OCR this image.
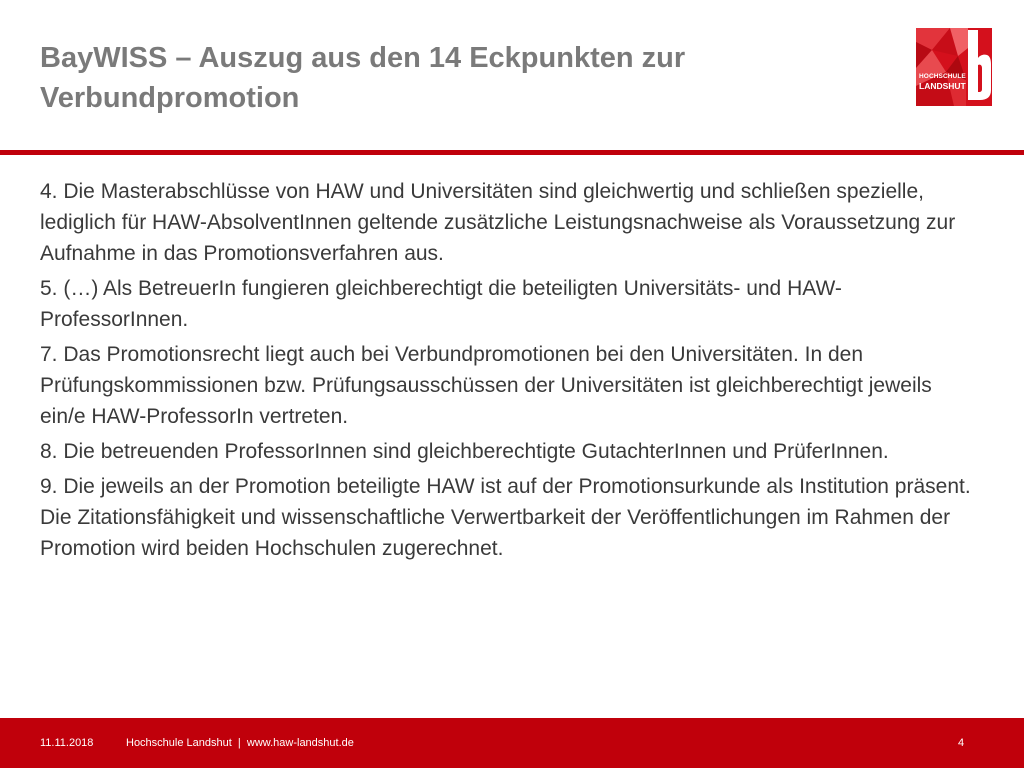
BayWISS – Auszug aus den 14 Eckpunkten zur Verbundpromotion
HOCHSCHULE
LANDSHUT

4. Die Masterabschlüsse von HAW und Universitäten sind gleichwertig und schließen spezielle, lediglich für HAW-AbsolventInnen geltende zusätzliche Leistungsnachweise als Voraussetzung zur Aufnahme in das Promotionsverfahren aus.

5. (…) Als BetreuerIn fungieren gleichberechtigt die beteiligten Universitäts- und HAW-ProfessorInnen.

7. Das Promotionsrecht liegt auch bei Verbundpromotionen bei den Universitäten. In den Prüfungskommissionen bzw. Prüfungsausschüssen der Universitäten ist gleichberechtigt jeweils ein/e HAW-ProfessorIn vertreten.

8. Die betreuenden ProfessorInnen sind gleichberechtigte GutachterInnen und PrüferInnen.

9. Die jeweils an der Promotion beteiligte HAW ist auf der Promotionsurkunde als Institution präsent. Die Zitationsfähigkeit und wissenschaftliche Verwertbarkeit der Veröffentlichungen im Rahmen der Promotion wird beiden Hochschulen zugerechnet.

11.11.2018	Hochschule Landshut  |  www.haw-landshut.de	4
